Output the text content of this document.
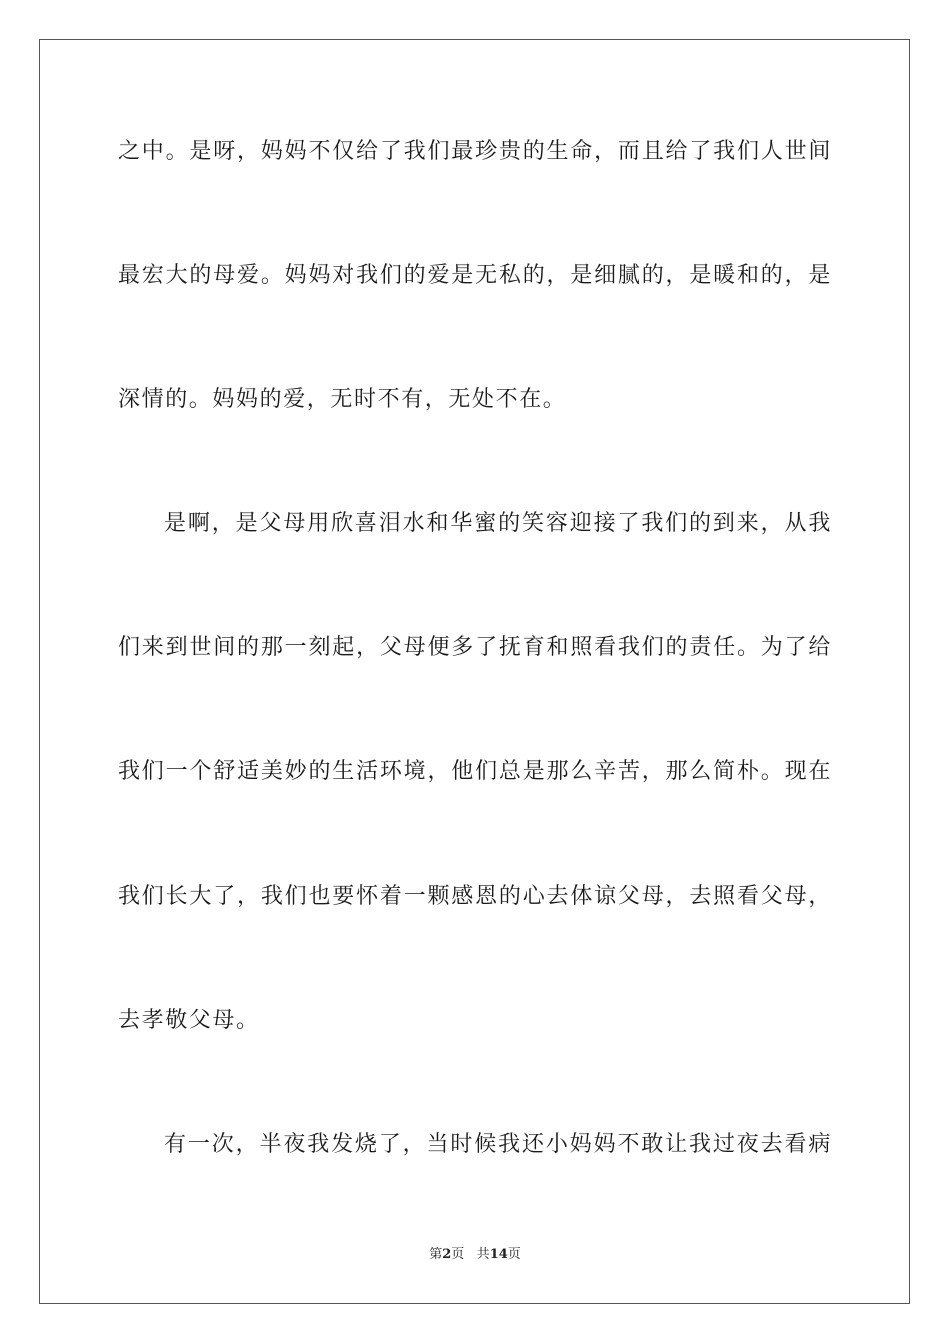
之中。是呀，妈妈不仅给了我们最珍贵的生命，而且给了我们人世间
最宏大的母爱。妈妈对我们的爱是无私的，是细腻的，是暖和的，是
深情的。妈妈的爱，无时不有，无处不在。
是啊，是父母用欣喜泪水和华蜜的笑容迎接了我们的到来，从我
们来到世间的那一刻起，父母便多了抚育和照看我们的责任。为了给
我们一个舒适美妙的生活环境，他们总是那么辛苦，那么简朴。现在
我们长大了，我们也要怀着一颗感恩的心去体谅父母，去照看父母，
去孝敬父母。
有一次，半夜我发烧了，当时候我还小妈妈不敢让我过夜去看病
第2页 共14页
